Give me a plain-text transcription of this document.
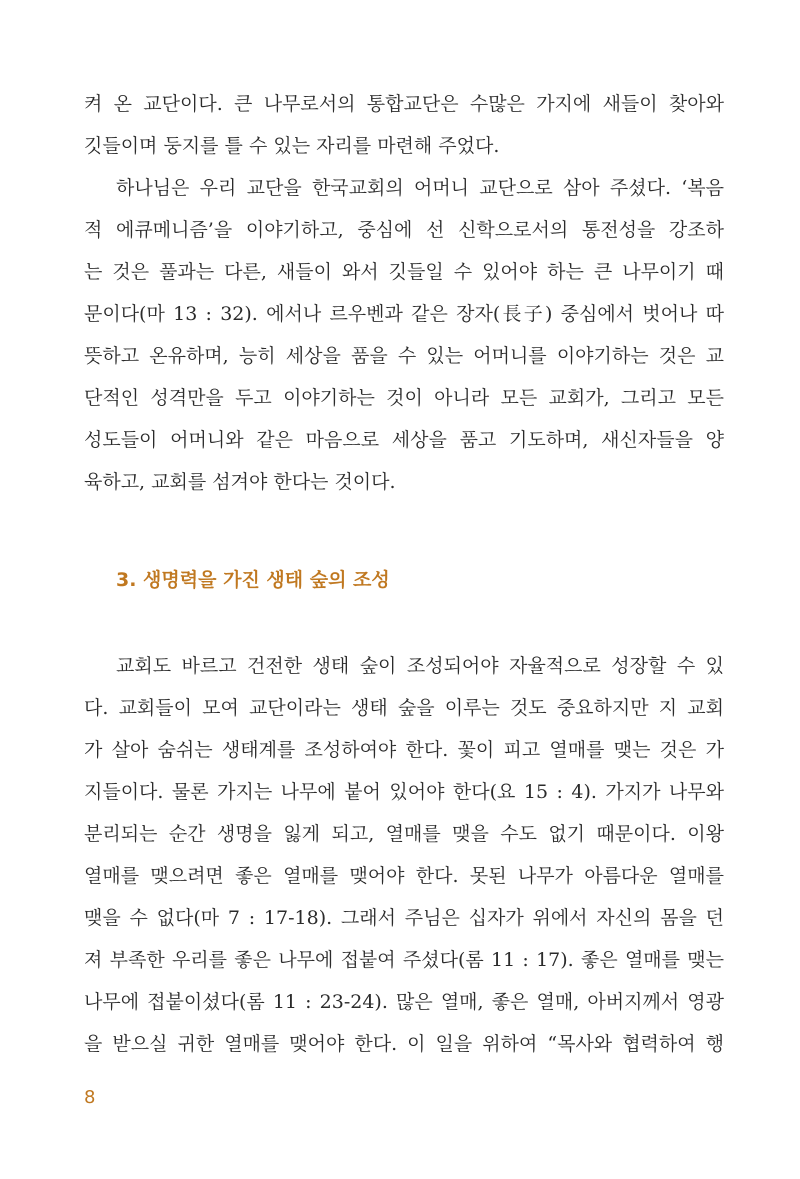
켜 온 교단이다. 큰 나무로서의 통합교단은 수많은 가지에 새들이 찾아와
깃들이며 둥지를 틀 수 있는 자리를 마련해 주었다.
하나님은 우리 교단을 한국교회의 어머니 교단으로 삼아 주셨다. ‘복음
적 에큐메니즘’을 이야기하고, 중심에 선 신학으로서의 통전성을 강조하
는 것은 풀과는 다른, 새들이 와서 깃들일 수 있어야 하는 큰 나무이기 때
문이다(마 13 : 32). 에서나 르우벤과 같은 장자(長子) 중심에서 벗어나 따
뜻하고 온유하며, 능히 세상을 품을 수 있는 어머니를 이야기하는 것은 교
단적인 성격만을 두고 이야기하는 것이 아니라 모든 교회가, 그리고 모든
성도들이 어머니와 같은 마음으로 세상을 품고 기도하며, 새신자들을 양
육하고, 교회를 섬겨야 한다는 것이다.
3. 생명력을 가진 생태 숲의 조성
교회도 바르고 건전한 생태 숲이 조성되어야 자율적으로 성장할 수 있
다. 교회들이 모여 교단이라는 생태 숲을 이루는 것도 중요하지만 지 교회
가 살아 숨쉬는 생태계를 조성하여야 한다. 꽃이 피고 열매를 맺는 것은 가
지들이다. 물론 가지는 나무에 붙어 있어야 한다(요 15 : 4). 가지가 나무와
분리되는 순간 생명을 잃게 되고, 열매를 맺을 수도 없기 때문이다. 이왕
열매를 맺으려면 좋은 열매를 맺어야 한다. 못된 나무가 아름다운 열매를
맺을 수 없다(마 7 : 17-18). 그래서 주님은 십자가 위에서 자신의 몸을 던
져 부족한 우리를 좋은 나무에 접붙여 주셨다(롬 11 : 17). 좋은 열매를 맺는
나무에 접붙이셨다(롬 11 : 23-24). 많은 열매, 좋은 열매, 아버지께서 영광
을 받으실 귀한 열매를 맺어야 한다. 이 일을 위하여 “목사와 협력하여 행
8
